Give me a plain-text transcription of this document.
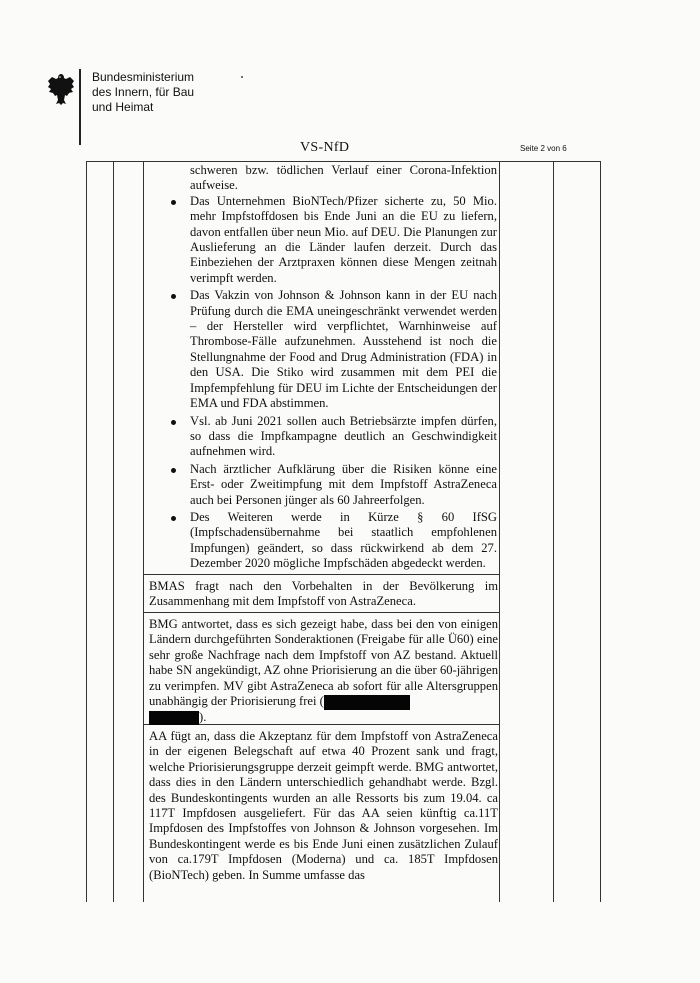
Bundesministerium
des Innern, für Bau
und Heimat
VS-NfD	Seite 2 von 6

schweren bzw. tödlichen Verlauf einer Corona-Infektion aufweise.

Das Unternehmen BioNTech/Pfizer sicherte zu, 50 Mio. mehr Impfstoffdosen bis Ende Juni an die EU zu liefern, davon entfallen über neun Mio. auf DEU. Die Planungen zur Auslieferung an die Länder laufen derzeit. Durch das Einbeziehen der Arztpraxen können diese Mengen zeitnah verimpft werden.
Das Vakzin von Johnson & Johnson kann in der EU nach Prüfung durch die EMA uneingeschränkt verwendet werden – der Hersteller wird verpflichtet, Warnhinweise auf Thrombose-Fälle aufzunehmen. Ausstehend ist noch die Stellungnahme der Food and Drug Administration (FDA) in den USA. Die Stiko wird zusammen mit dem PEI die Impfempfehlung für DEU im Lichte der Entscheidungen der EMA und FDA abstimmen.
Vsl. ab Juni 2021 sollen auch Betriebsärzte impfen dürfen, so dass die Impfkampagne deutlich an Geschwindigkeit aufnehmen wird.
Nach ärztlicher Aufklärung über die Risiken könne eine Erst- oder Zweitimpfung mit dem Impfstoff AstraZeneca auch bei Personen jünger als 60 Jahreerfolgen.
Des Weiteren werde in Kürze § 60 IfSG (Impfschadensübernahme bei staatlich empfohlenen Impfungen) geändert, so dass rückwirkend ab dem 27. Dezember 2020 mögliche Impfschäden abgedeckt werden.

BMAS fragt nach den Vorbehalten in der Bevölkerung im Zusammenhang mit dem Impfstoff von AstraZeneca.

BMG antwortet, dass es sich gezeigt habe, dass bei den von einigen Ländern durchgeführten Sonderaktionen (Freigabe für alle Ü60) eine sehr große Nachfrage nach dem Impfstoff von AZ bestand. Aktuell habe SN angekündigt, AZ ohne Priorisierung an die über 60-jährigen zu verimpfen. MV gibt AstraZeneca ab sofort für alle Altersgruppen unabhängig der Priorisierung frei (
).

AA fügt an, dass die Akzeptanz für dem Impfstoff von AstraZeneca in der eigenen Belegschaft auf etwa 40 Prozent sank und fragt, welche Priorisierungsgruppe derzeit geimpft werde. BMG antwortet, dass dies in den Ländern unterschiedlich gehandhabt werde. Bzgl. des Bundeskontingents wurden an alle Ressorts bis zum 19.04. ca 117T Impfdosen ausgeliefert. Für das AA seien künftig ca.11T Impfdosen des Impfstoffes von Johnson & Johnson vorgesehen. Im Bundeskontingent werde es bis Ende Juni einen zusätzlichen Zulauf von ca.179T Impfdosen (Moderna) und ca. 185T Impfdosen (BioNTech) geben. In Summe umfasse das
